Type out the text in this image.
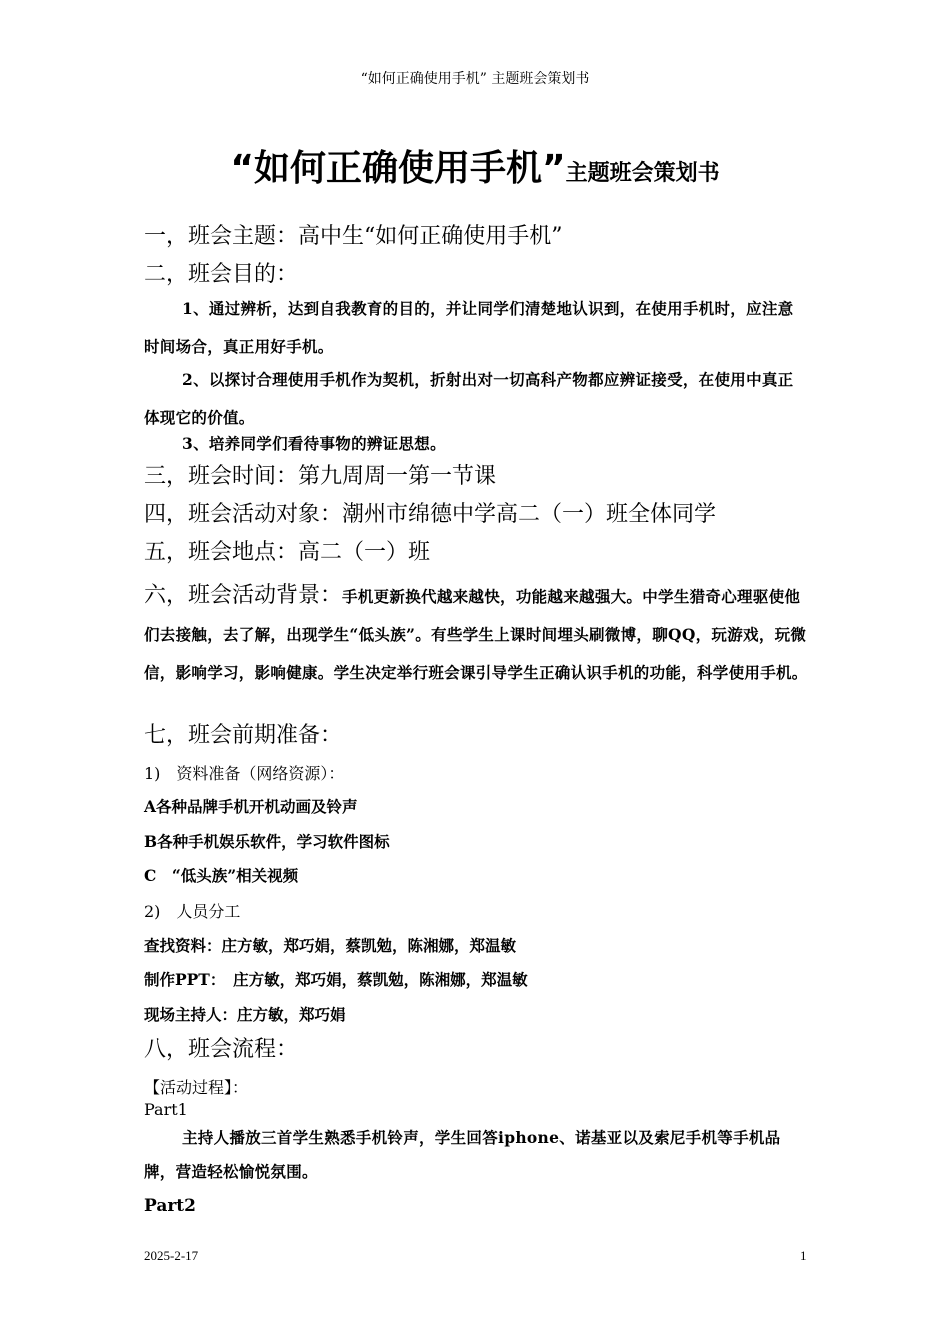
“如何正确使用手机” 主题班会策划书
“如何正确使用手机”主题班会策划书
一，班会主题：高中生“如何正确使用手机”
二，班会目的：
1、通过辨析，达到自我教育的目的，并让同学们清楚地认识到，在使用手机时，应注意时间场合，真正用好手机。
2、以探讨合理使用手机作为契机，折射出对一切高科产物都应辨证接受，在使用中真正体现它的价值。
3、培养同学们看待事物的辨证思想。
三，班会时间：第九周周一第一节课
四，班会活动对象：潮州市绵德中学高二（一）班全体同学
五，班会地点：高二（一）班
六，班会活动背景：手机更新换代越来越快，功能越来越强大。中学生猎奇心理驱使他们去接触，去了解，出现学生“低头族”。有些学生上课时间埋头刷微博，聊QQ，玩游戏，玩微信，影响学习，影响健康。学生决定举行班会课引导学生正确认识手机的功能，科学使用手机。
七，班会前期准备：
1)　资料准备（网络资源）：
A各种品牌手机开机动画及铃声
B各种手机娱乐软件，学习软件图标
C　“低头族”相关视频
2)　人员分工
查找资料：庄方敏，郑巧娟，蔡凯勉，陈湘娜，郑温敏
制作PPT：　庄方敏，郑巧娟，蔡凯勉，陈湘娜，郑温敏
现场主持人：庄方敏，郑巧娟
八，班会流程：
【活动过程】：
Part1
主持人播放三首学生熟悉手机铃声，学生回答iphone、诺基亚以及索尼手机等手机品牌，营造轻松愉悦氛围。
Part2
2025-2-17	1
